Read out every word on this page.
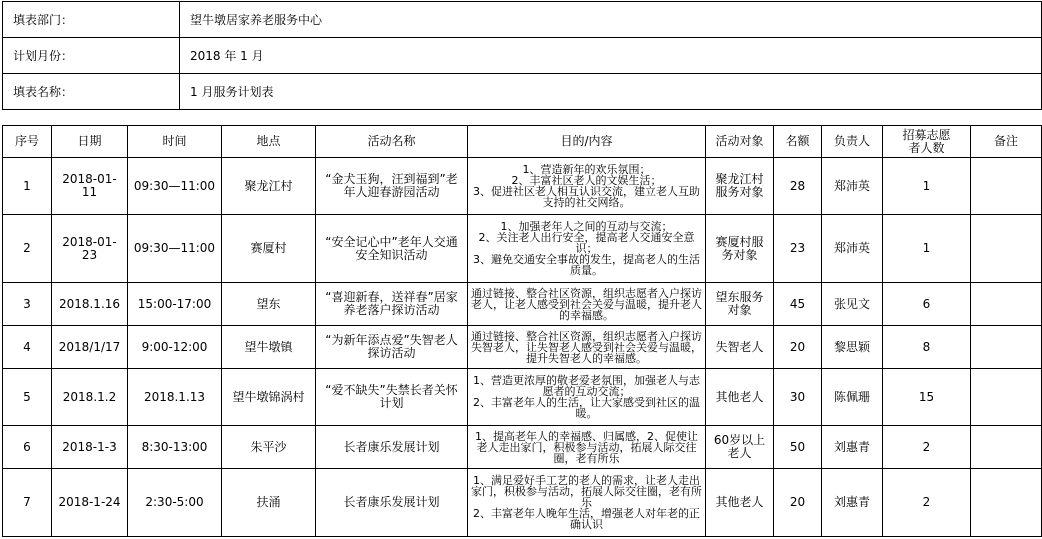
填表部门：	望牛墩居家养老服务中心
计划月份：	2018 年 1 月
填表名称：	1 月服务计划表
序号	日期	时间	地点	活动名称	目的/内容	活动对象	名额	负责人	招募志愿者人数	备注
1	2018-01-11	09:30—11:00	聚龙江村	“金犬玉狗，汪到福到”老年人迎春游园活动	1、营造新年的欢乐氛围；
2、丰富社区老人的文娱生活；
3、促进社区老人相互认识交流，建立老人互助支持的社交网络。	聚龙江村服务对象	28	郑沛英	1	
2	2018-01-23	09:30—11:00	赛厦村	“安全记心中”老年人交通安全知识活动	1、加强老年人之间的互动与交流；
2、关注老人出行安全，提高老人交通安全意识；
3、避免交通安全事故的发生，提高老人的生活质量。	赛厦村服务对象	23	郑沛英	1	
3	2018.1.16	15:00-17:00	望东	“喜迎新春，送祥春”居家养老落户探访活动	通过链接、整合社区资源，组织志愿者入户探访老人，让老人感受到社会关爱与温暖，提升老人的幸福感。	望东服务对象	45	张见文	6	
4	2018/1/17	9:00-12:00	望牛墩镇	“为新年添点爱”失智老人探访活动	通过链接、整合社区资源，组织志愿者入户探访失智老人，让失智老人感受到社会关爱与温暖，提升失智老人的幸福感。	失智老人	20	黎思颖	8	
5	2018.1.2	2018.1.13	望牛墩锦涡村	“爱不缺失”失禁长者关怀计划	1、营造更浓厚的敬老爱老氛围，加强老人与志愿者的互动交流；
2、丰富老年人的生活，让大家感受到社区的温暖。	其他老人	30	陈佩珊	15	
6	2018-1-3	8:30-13:00	朱平沙	长者康乐发展计划	1、提高老年人的幸福感、归属感，2、促使让老人走出家门，积极参与活动，拓展人际交往圈，老有所乐	60岁以上老人	50	刘惠青	2	
7	2018-1-24	2:30-5:00	扶涌	长者康乐发展计划	1、满足爱好手工艺的老人的需求，让老人走出家门，积极参与活动，拓展人际交往圈，老有所乐
2、丰富老年人晚年生活，增强老人对年老的正确认识	其他老人	20	刘惠青	2	
